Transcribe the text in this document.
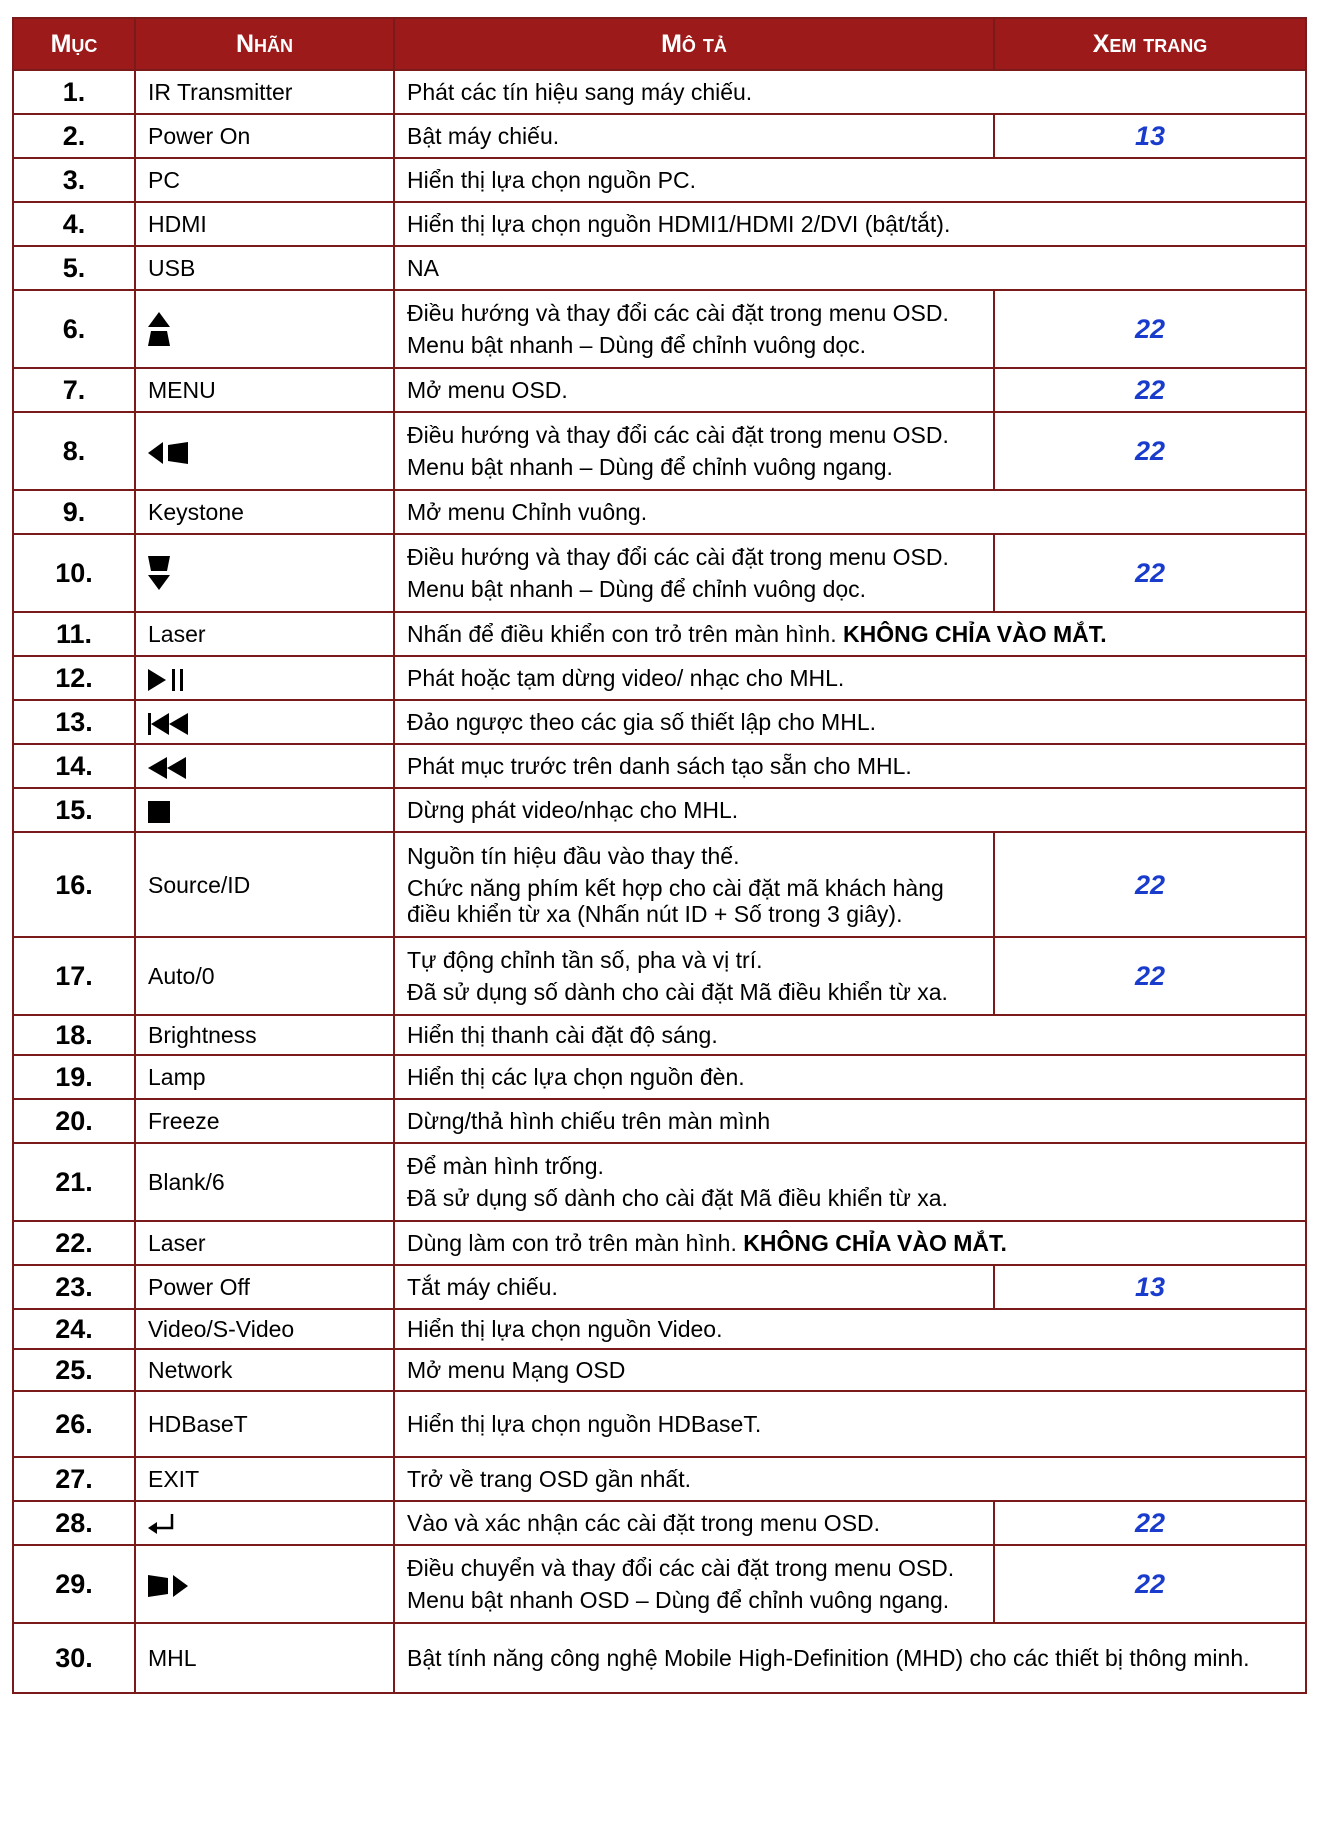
Mục	Nhãn	Mô tả	Xem trang
1.	IR Transmitter	Phát các tín hiệu sang máy chiếu.	

2.	Power On	Bật máy chiếu.	13
3.	PC	Hiển thị lựa chọn nguồn PC.	

4.	HDMI	Hiển thị lựa chọn nguồn HDMI1/HDMI 2/DVI (bật/tắt).	

5.	USB	NA	

6.		Điều hướng và thay đổi các cài đặt trong menu OSD.
Menu bật nhanh – Dùng để chỉnh vuông dọc.	22
7.	MENU	Mở menu OSD.	22
8.		Điều hướng và thay đổi các cài đặt trong menu OSD.
Menu bật nhanh – Dùng để chỉnh vuông ngang.	22
9.	Keystone	Mở menu Chỉnh vuông.	

10.		Điều hướng và thay đổi các cài đặt trong menu OSD.
Menu bật nhanh – Dùng để chỉnh vuông dọc.	22
11.	Laser	Nhấn để điều khiển con trỏ trên màn hình. KHÔNG CHỈA VÀO MẮT.	
12.		Phát hoặc tạm dừng video/ nhạc cho MHL.	

13.		Đảo ngược theo các gia số thiết lập cho MHL.	

14.		Phát mục trước trên danh sách tạo sẵn cho MHL.	

15.		Dừng phát video/nhạc cho MHL.	

16.	Source/ID	Nguồn tín hiệu đầu vào thay thế.
Chức năng phím kết hợp cho cài đặt mã khách hàng điều khiển từ xa (Nhấn nút ID + Số trong 3 giây).	22
17.	Auto/0	Tự động chỉnh tần số, pha và vị trí.
Đã sử dụng số dành cho cài đặt Mã điều khiển từ xa.	22
18.	Brightness	Hiển thị thanh cài đặt độ sáng.	

19.	Lamp	Hiển thị các lựa chọn nguồn đèn.	

20.	Freeze	Dừng/thả hình chiếu trên màn mình	

21.	Blank/6	Để màn hình trống.
Đã sử dụng số dành cho cài đặt Mã điều khiển từ xa.	

22.	Laser	Dùng làm con trỏ trên màn hình. KHÔNG CHỈA VÀO MẮT.	
23.	Power Off	Tắt máy chiếu.	13
24.	Video/S-Video	Hiển thị lựa chọn nguồn Video.	

25.	Network	Mở menu Mạng OSD	

26.	HDBaseT	Hiển thị lựa chọn nguồn HDBaseT.	

27.	EXIT	Trở về trang OSD gần nhất.	

28.		Vào và xác nhận các cài đặt trong menu OSD.	22
29.		Điều chuyển và thay đổi các cài đặt trong menu OSD.
Menu bật nhanh OSD – Dùng để chỉnh vuông ngang.	22
30.	MHL	Bật tính năng công nghệ Mobile High-Definition (MHD) cho các thiết bị thông minh.	
